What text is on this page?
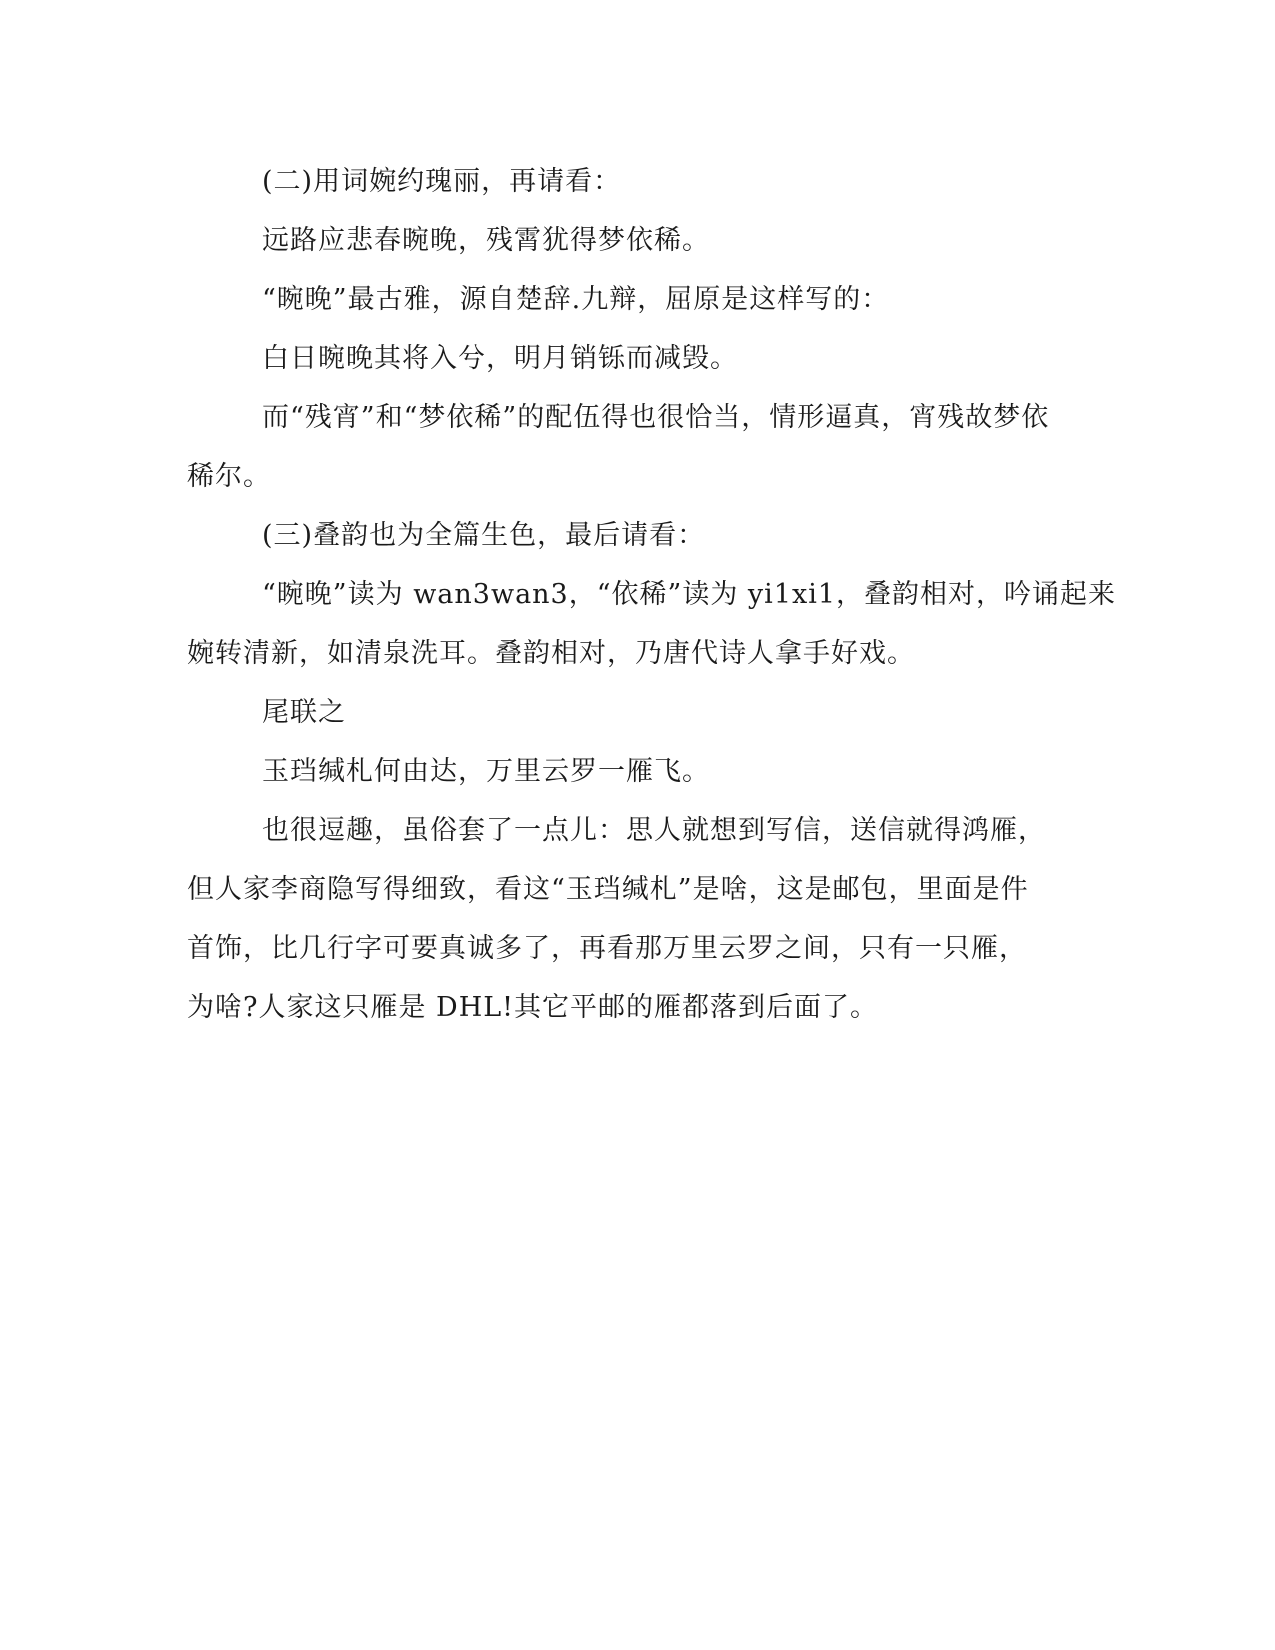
(二)用词婉约瑰丽，再请看：
远路应悲春晼晚，残霄犹得梦依稀。
“晼晚”最古雅，源自楚辞.九辩，屈原是这样写的：
白日晼晚其将入兮，明月销铄而减毁。
而“残宵”和“梦依稀”的配伍得也很恰当，情形逼真，宵残故梦依
稀尔。
(三)叠韵也为全篇生色，最后请看：
“晼晚”读为 wan3wan3，“依稀”读为 yi1xi1，叠韵相对，吟诵起来
婉转清新，如清泉洗耳。叠韵相对，乃唐代诗人拿手好戏。
尾联之
玉珰缄札何由达，万里云罗一雁飞。
也很逗趣，虽俗套了一点儿：思人就想到写信，送信就得鸿雁，
但人家李商隐写得细致，看这“玉珰缄札”是啥，这是邮包，里面是件
首饰，比几行字可要真诚多了，再看那万里云罗之间，只有一只雁，
为啥?人家这只雁是 DHL!其它平邮的雁都落到后面了。
